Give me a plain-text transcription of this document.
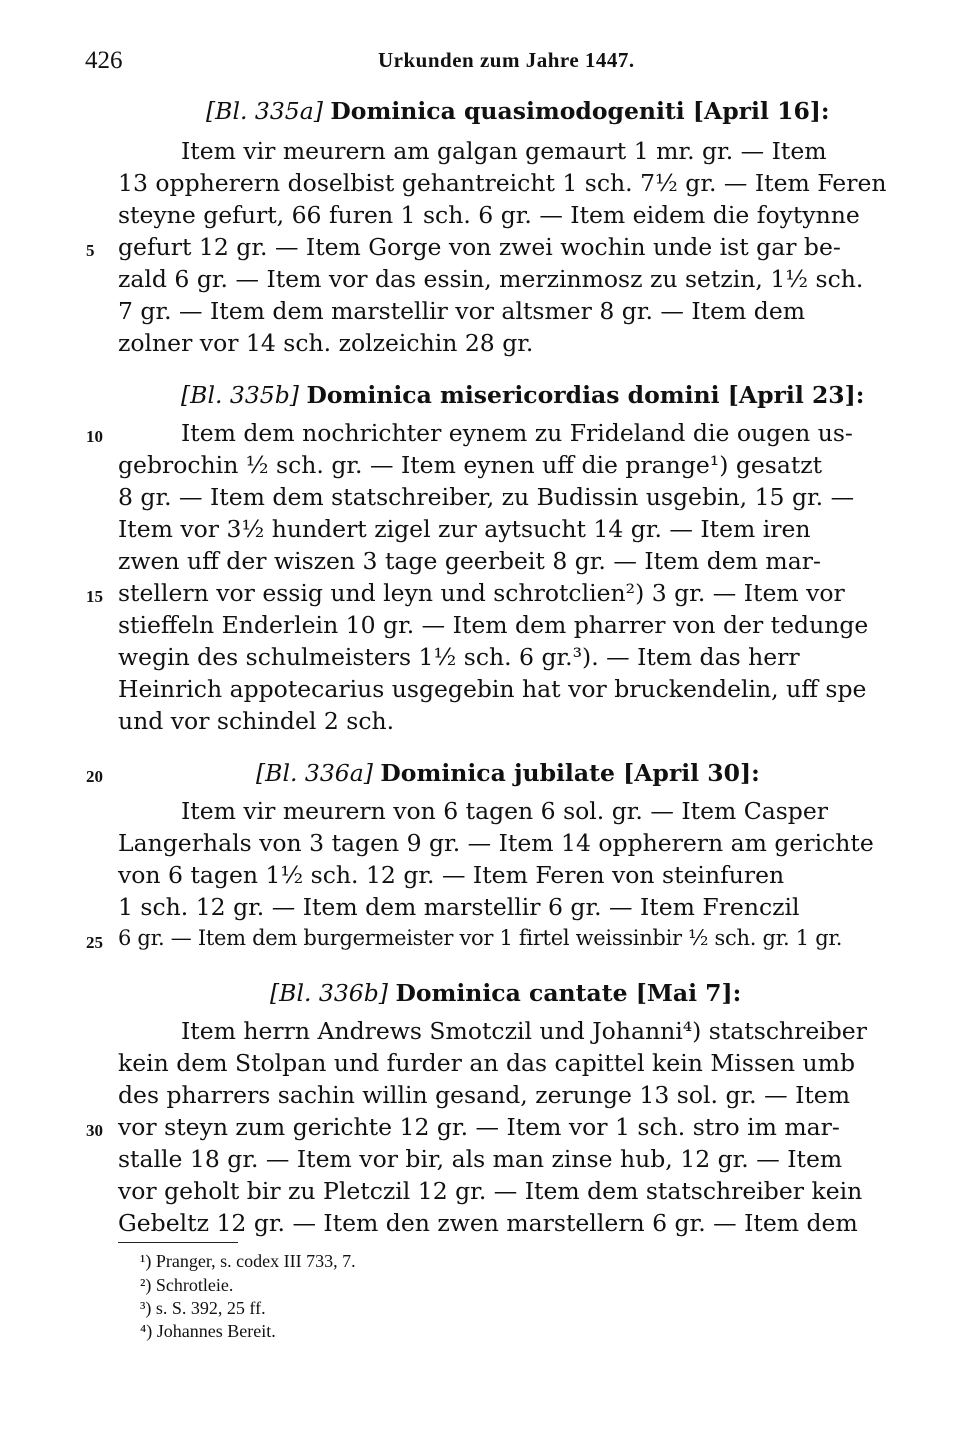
426	Urkunden zum Jahre 1447.
[Bl. 335a] Dominica quasimodogeniti [April 16]:
Item vir meurern am galgan gemaurt 1 mr. gr. — Item
13 oppherern doselbist gehantreicht 1 sch. 7½ gr. — Item Feren
steyne gefurt, 66 furen 1 sch. 6 gr. — Item eidem die foytynne
gefurt 12 gr. — Item Gorge von zwei wochin unde ist gar be-
zald 6 gr. — Item vor das essin, merzinmosz zu setzin, 1½ sch.
7 gr. — Item dem marstellir vor altsmer 8 gr. — Item dem
zolner vor 14 sch. zolzeichin 28 gr.
[Bl. 335b] Dominica misericordias domini [April 23]:
Item dem nochrichter eynem zu Frideland die ougen us-
gebrochin ½ sch. gr. — Item eynen uff die prange¹) gesatzt
8 gr. — Item dem statschreiber, zu Budissin usgebin, 15 gr. —
Item vor 3½ hundert zigel zur aytsucht 14 gr. — Item iren
zwen uff der wiszen 3 tage geerbeit 8 gr. — Item dem mar-
stellern vor essig und leyn und schrotclien²) 3 gr. — Item vor
stieffeln Enderlein 10 gr. — Item dem pharrer von der tedunge
wegin des schulmeisters 1½ sch. 6 gr.³). — Item das herr
Heinrich appotecarius usgegebin hat vor bruckendelin, uff spe
und vor schindel 2 sch.
[Bl. 336a] Dominica jubilate [April 30]:
Item vir meurern von 6 tagen 6 sol. gr. — Item Casper
Langerhals von 3 tagen 9 gr. — Item 14 oppherern am gerichte
von 6 tagen 1½ sch. 12 gr. — Item Feren von steinfuren
1 sch. 12 gr. — Item dem marstellir 6 gr. — Item Frenczil
6 gr. — Item dem burgermeister vor 1 firtel weissinbir ½ sch. gr. 1 gr.
[Bl. 336b] Dominica cantate [Mai 7]:
Item herrn Andrews Smotczil und Johanni⁴) statschreiber
kein dem Stolpan und furder an das capittel kein Missen umb
des pharrers sachin willin gesand, zerunge 13 sol. gr. — Item
vor steyn zum gerichte 12 gr. — Item vor 1 sch. stro im mar-
stalle 18 gr. — Item vor bir, als man zinse hub, 12 gr. — Item
vor geholt bir zu Pletczil 12 gr. — Item dem statschreiber kein
Gebeltz 12 gr. — Item den zwen marstellern 6 gr. — Item dem
5
10
15
20
25
30
¹) Pranger, s. codex III 733, 7.
²) Schrotleie.
³) s. S. 392, 25 ff.
⁴) Johannes Bereit.
